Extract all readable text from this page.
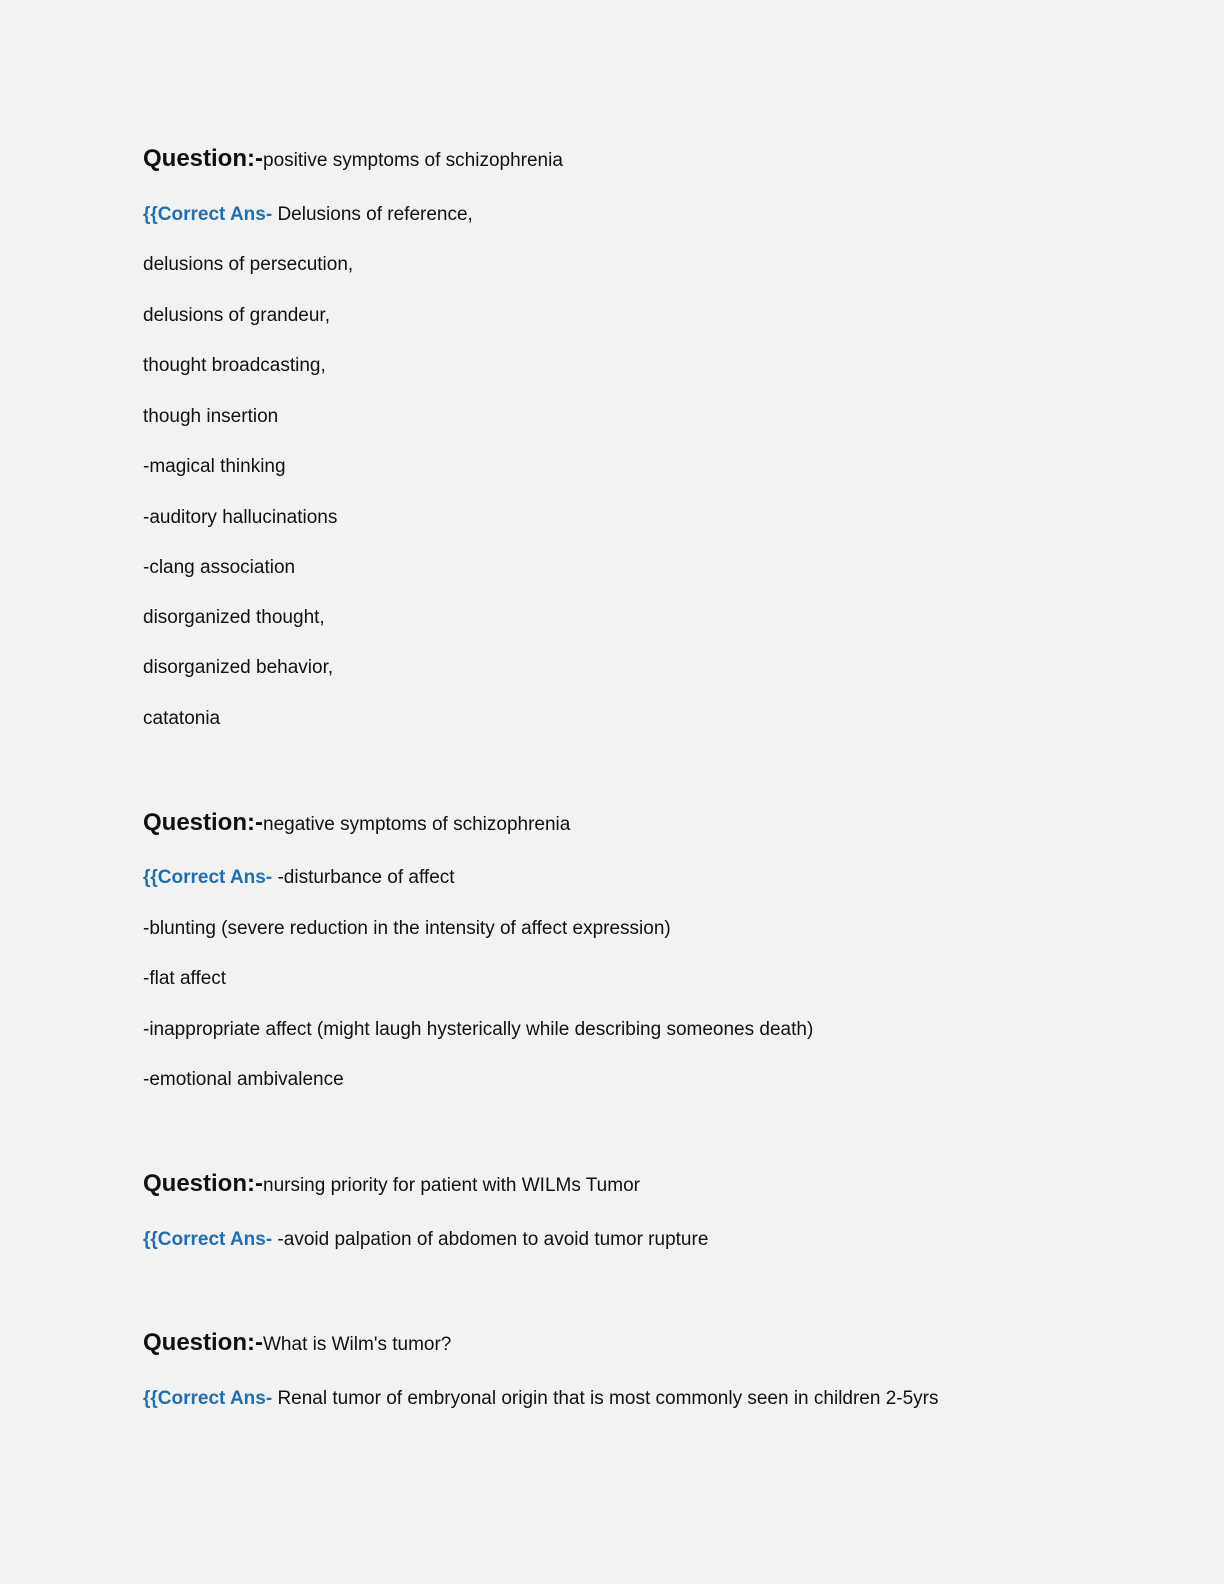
Question:-positive symptoms of schizophrenia
{{Correct Ans- Delusions of reference,
delusions of persecution,
delusions of grandeur,
thought broadcasting,
though insertion
-magical thinking
-auditory hallucinations
-clang association
disorganized thought,
disorganized behavior,
catatonia
Question:-negative symptoms of schizophrenia
{{Correct Ans- -disturbance of affect
-blunting (severe reduction in the intensity of affect expression)
-flat affect
-inappropriate affect (might laugh hysterically while describing someones death)
-emotional ambivalence
Question:-nursing priority for patient with WILMs Tumor
{{Correct Ans- -avoid palpation of abdomen to avoid tumor rupture
Question:-What is Wilm's tumor?
{{Correct Ans- Renal tumor of embryonal origin that is most commonly seen in children 2-5yrs
